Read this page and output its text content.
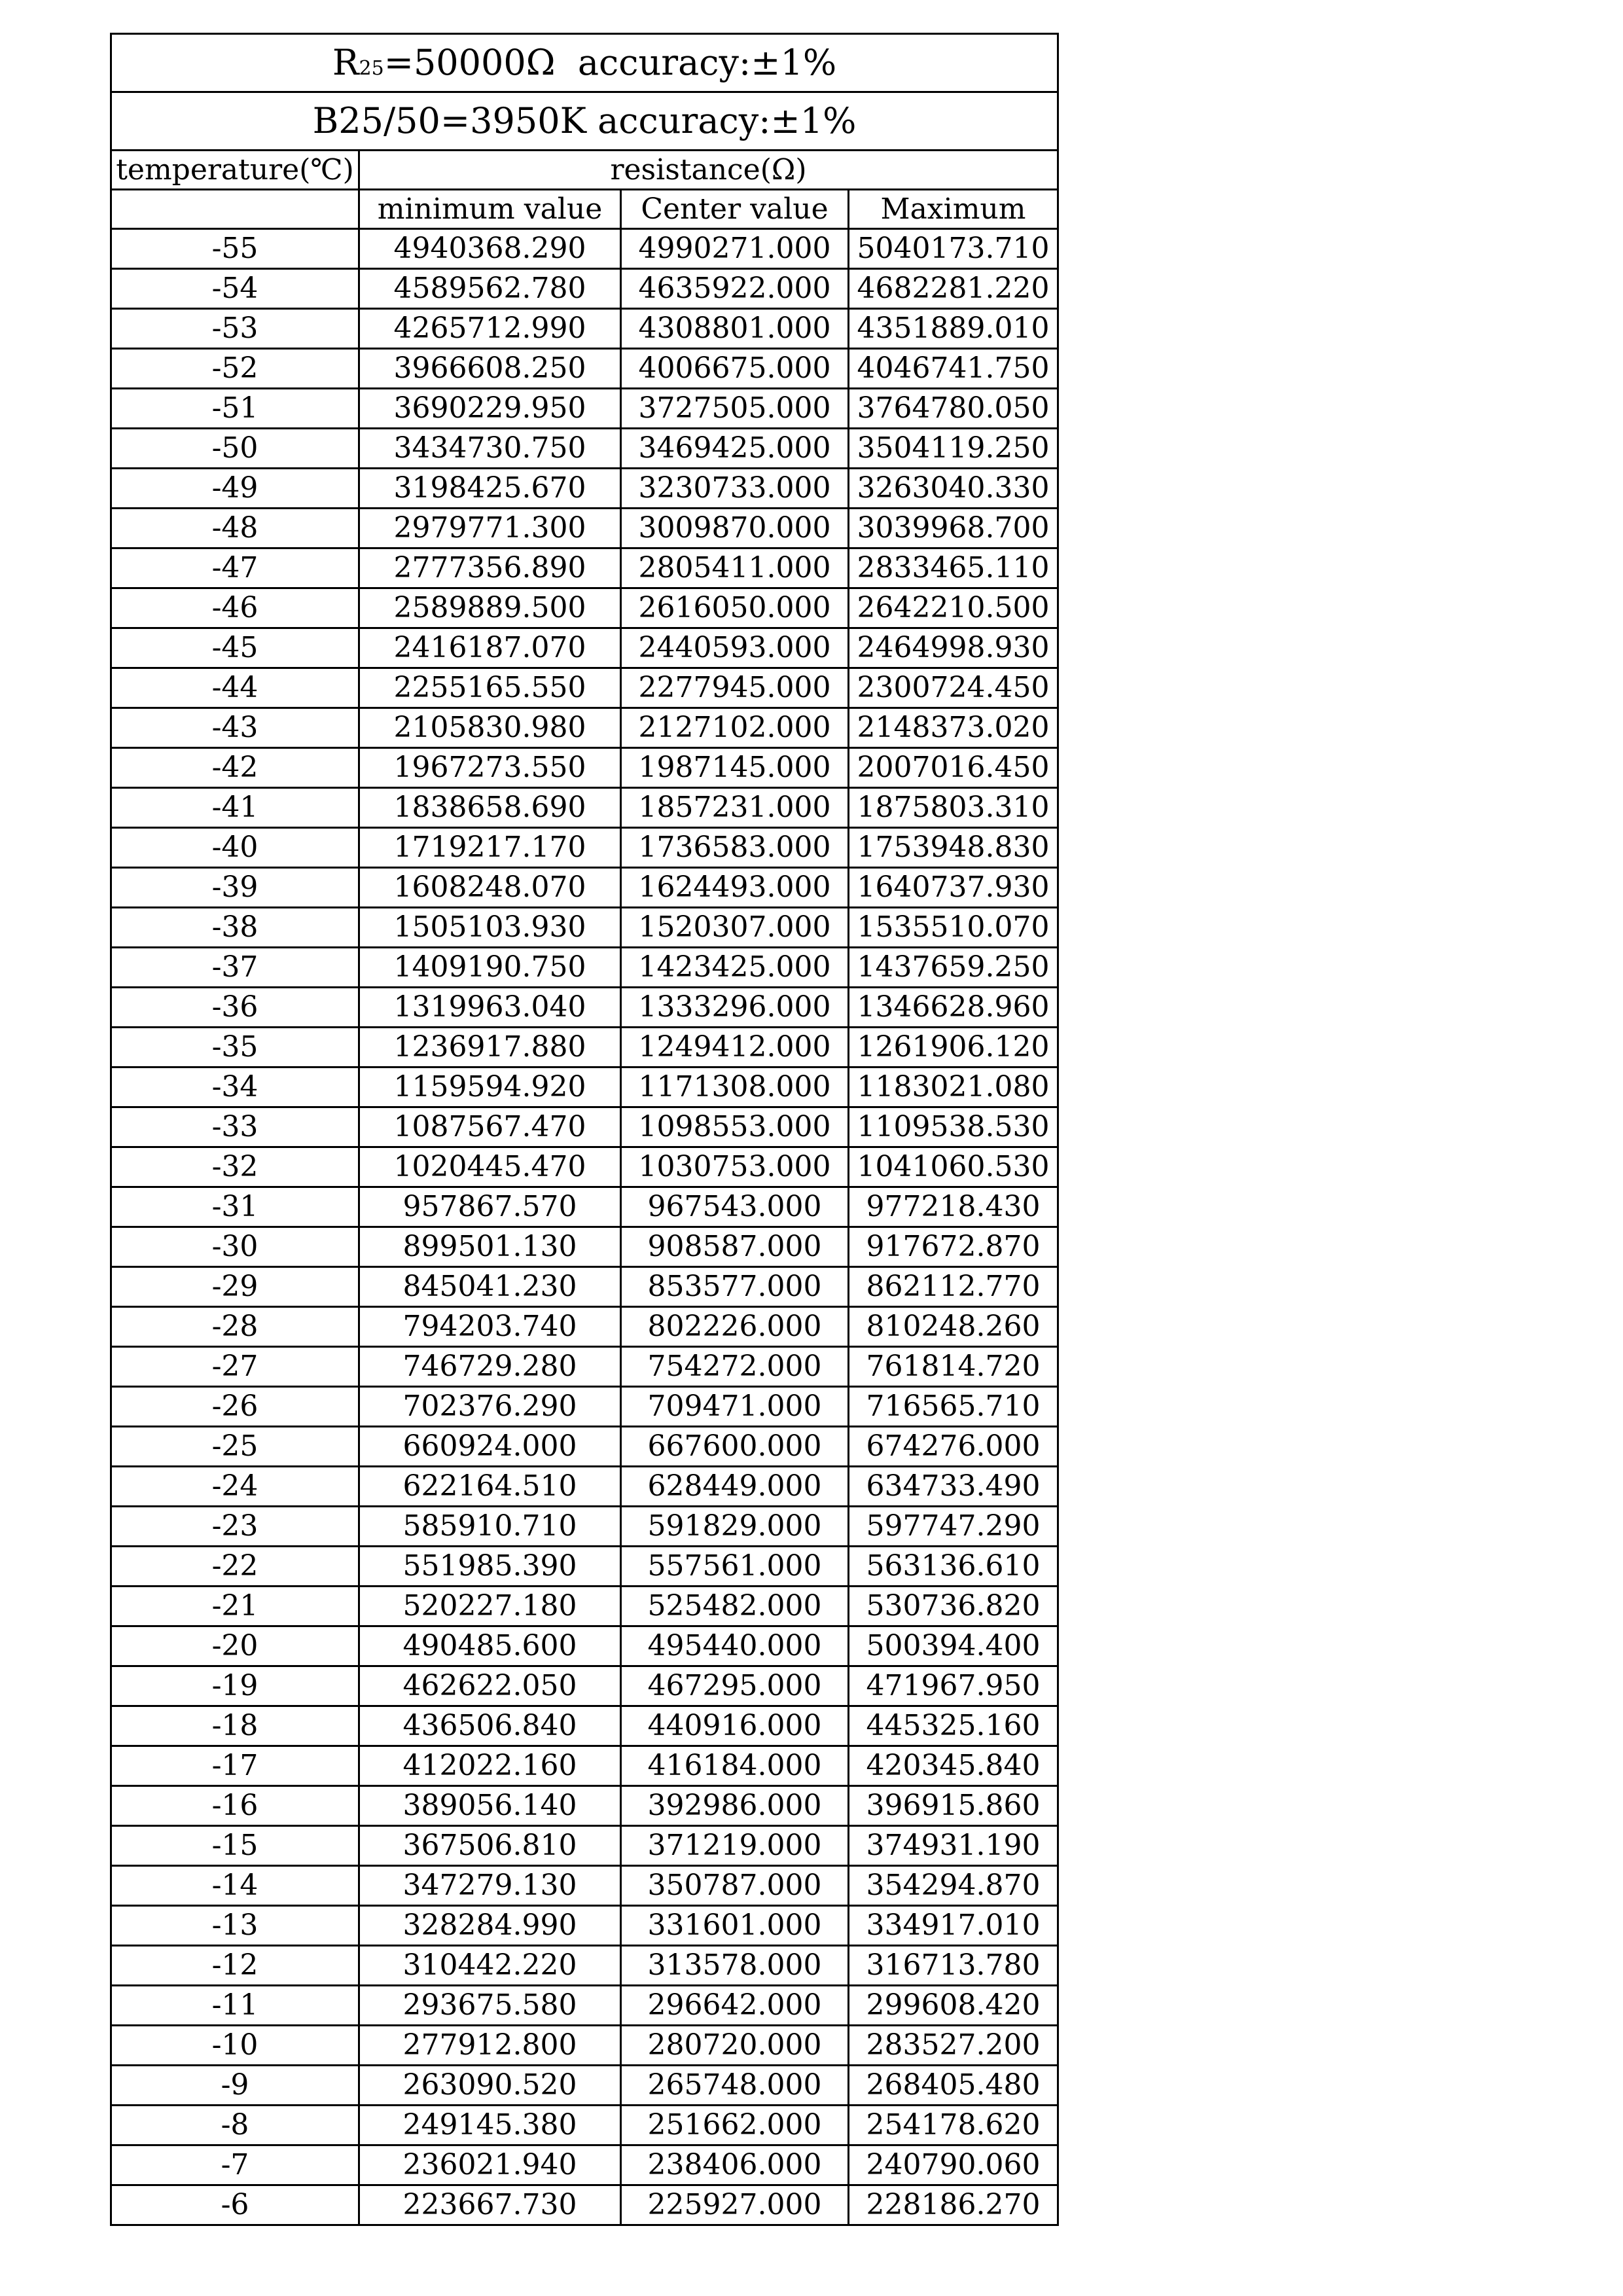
R25=50000Ω  accuracy:±1%			
B25/50=3950K accuracy:±1%			
temperature(℃)	resistance(Ω)		
	minimum value	Center value	Maximum
-55	4940368.290	4990271.000	5040173.710
-54	4589562.780	4635922.000	4682281.220
-53	4265712.990	4308801.000	4351889.010
-52	3966608.250	4006675.000	4046741.750
-51	3690229.950	3727505.000	3764780.050
-50	3434730.750	3469425.000	3504119.250
-49	3198425.670	3230733.000	3263040.330
-48	2979771.300	3009870.000	3039968.700
-47	2777356.890	2805411.000	2833465.110
-46	2589889.500	2616050.000	2642210.500
-45	2416187.070	2440593.000	2464998.930
-44	2255165.550	2277945.000	2300724.450
-43	2105830.980	2127102.000	2148373.020
-42	1967273.550	1987145.000	2007016.450
-41	1838658.690	1857231.000	1875803.310
-40	1719217.170	1736583.000	1753948.830
-39	1608248.070	1624493.000	1640737.930
-38	1505103.930	1520307.000	1535510.070
-37	1409190.750	1423425.000	1437659.250
-36	1319963.040	1333296.000	1346628.960
-35	1236917.880	1249412.000	1261906.120
-34	1159594.920	1171308.000	1183021.080
-33	1087567.470	1098553.000	1109538.530
-32	1020445.470	1030753.000	1041060.530
-31	957867.570	967543.000	977218.430
-30	899501.130	908587.000	917672.870
-29	845041.230	853577.000	862112.770
-28	794203.740	802226.000	810248.260
-27	746729.280	754272.000	761814.720
-26	702376.290	709471.000	716565.710
-25	660924.000	667600.000	674276.000
-24	622164.510	628449.000	634733.490
-23	585910.710	591829.000	597747.290
-22	551985.390	557561.000	563136.610
-21	520227.180	525482.000	530736.820
-20	490485.600	495440.000	500394.400
-19	462622.050	467295.000	471967.950
-18	436506.840	440916.000	445325.160
-17	412022.160	416184.000	420345.840
-16	389056.140	392986.000	396915.860
-15	367506.810	371219.000	374931.190
-14	347279.130	350787.000	354294.870
-13	328284.990	331601.000	334917.010
-12	310442.220	313578.000	316713.780
-11	293675.580	296642.000	299608.420
-10	277912.800	280720.000	283527.200
-9	263090.520	265748.000	268405.480
-8	249145.380	251662.000	254178.620
-7	236021.940	238406.000	240790.060
-6	223667.730	225927.000	228186.270
